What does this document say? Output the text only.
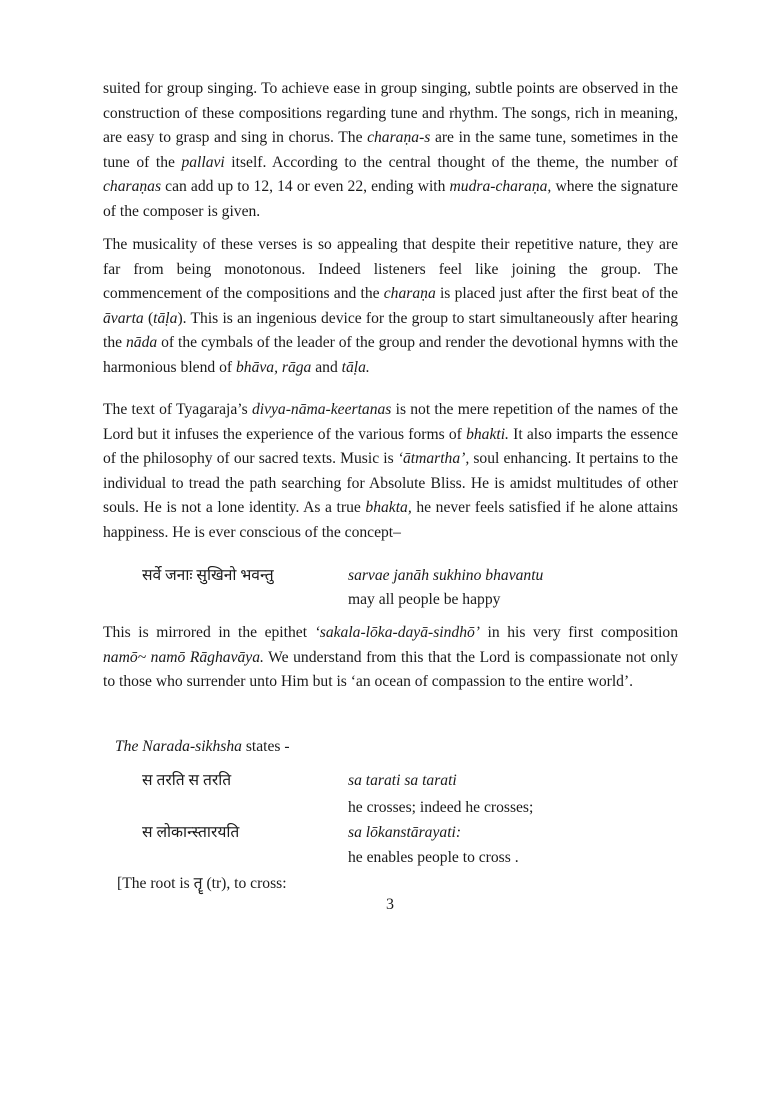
suited for group singing. To achieve ease in group singing, subtle points are observed in the construction of these compositions regarding tune and rhythm. The songs, rich in meaning, are easy to grasp and sing in chorus. The charaṇa-s are in the same tune, sometimes in the tune of the pallavi itself. According to the central thought of the theme, the number of charaṇas can add up to 12, 14 or even 22, ending with mudra-charaṇa, where the signature of the composer is given.

The musicality of these verses is so appealing that despite their repetitive nature, they are far from being monotonous. Indeed listeners feel like joining the group. The commencement of the compositions and the charaṇa is placed just after the first beat of the āvarta (tāḷa). This is an ingenious device for the group to start simultaneously after hearing the nāda of the cymbals of the leader of the group and render the devotional hymns with the harmonious blend of bhāva, rāga and tāḷa.

The text of Tyagaraja’s divya-nāma-keertanas is not the mere repetition of the names of the Lord but it infuses the experience of the various forms of bhakti. It also imparts the essence of the philosophy of our sacred texts. Music is ‘ātmartha’, soul enhancing. It pertains to the individual to tread the path searching for Absolute Bliss. He is amidst multitudes of other souls. He is not a lone identity. As a true bhakta, he never feels satisfied if he alone attains happiness. He is ever conscious of the concept–

सर्वे जनाः सुखिनो भवन्तु	sarvae janāh sukhino bhavantu
may all people be happy

This is mirrored in the epithet ‘sakala-lōka-dayā-sindhō’ in his very first composition namō~ namō Rāghavāya. We understand from this that the Lord is compassionate not only to those who surrender unto Him but is ‘an ocean of compassion to the entire world’.

The Narada-sikhsha states -
स तरति स तरति	sa tarati sa tarati
he crosses; indeed he crosses;
स लोकान्स्तारयति	sa lōkanstārayati:
he enables people to cross .
[The root is तॄ (tr), to cross:
3
